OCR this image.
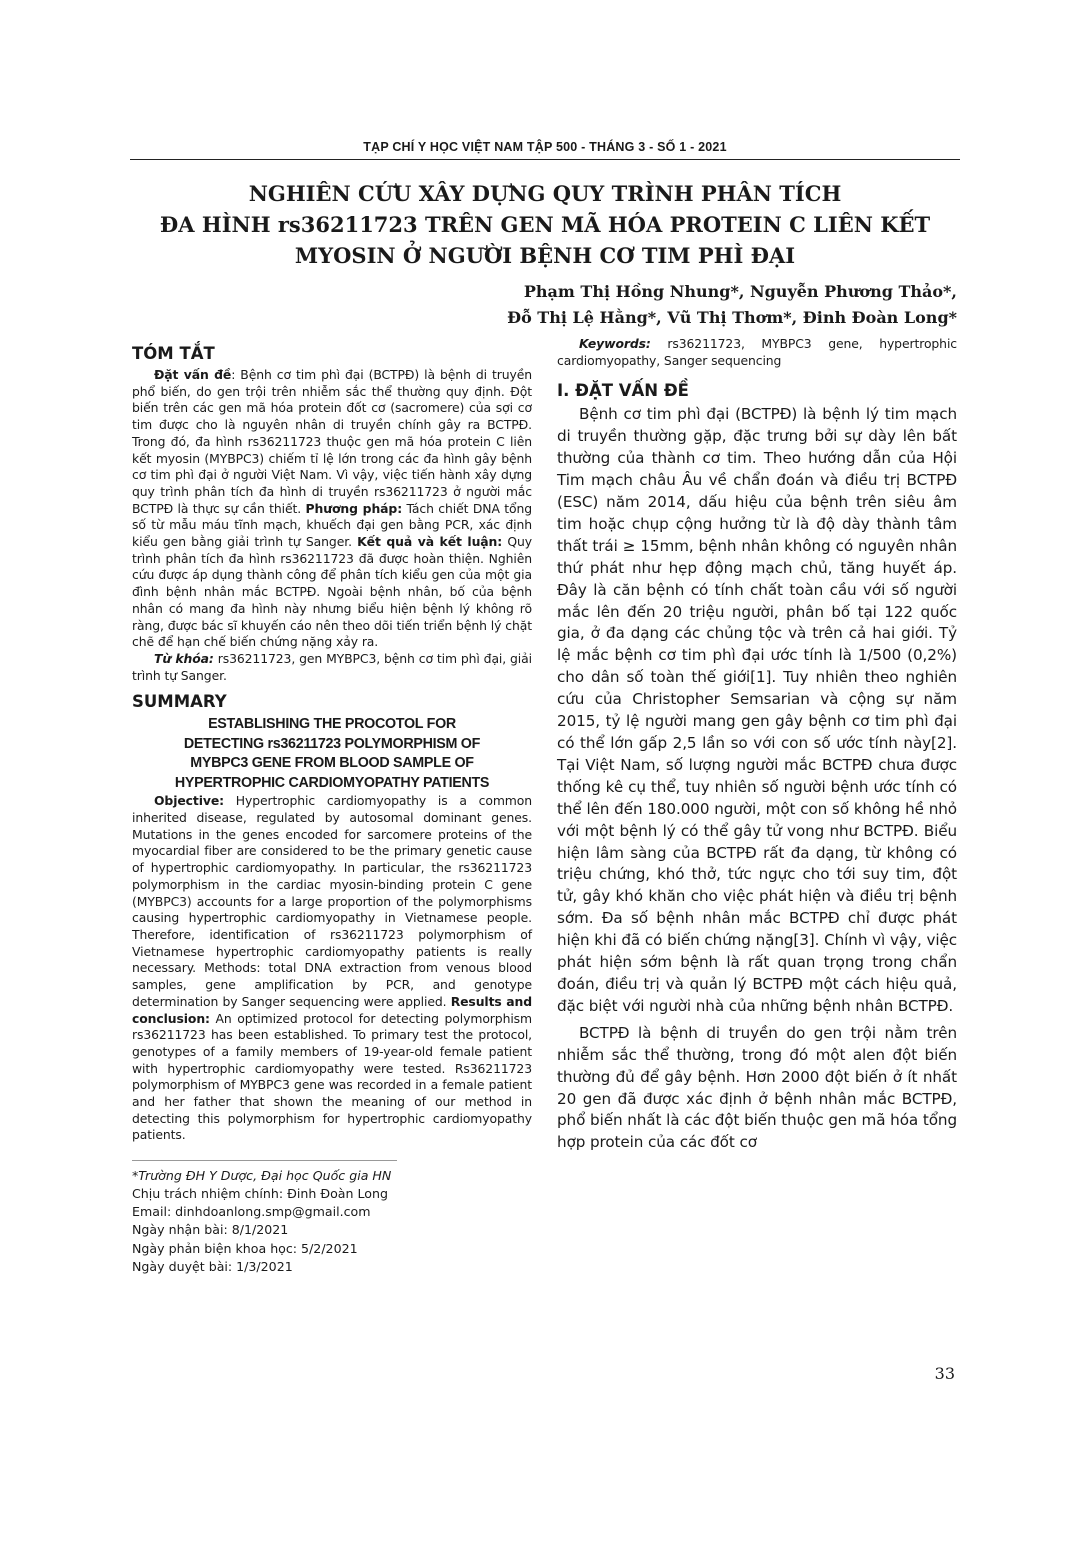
TẠP CHÍ Y HỌC VIỆT NAM TẬP 500 - THÁNG 3 - SỐ 1 - 2021
NGHIÊN CỨU XÂY DỰNG QUY TRÌNH PHÂN TÍCH
ĐA HÌNH rs36211723 TRÊN GEN MÃ HÓA PROTEIN C LIÊN KẾT
MYOSIN Ở NGƯỜI BỆNH CƠ TIM PHÌ ĐẠI
Phạm Thị Hồng Nhung*, Nguyễn Phương Thảo*,
Đỗ Thị Lệ Hằng*, Vũ Thị Thơm*, Đinh Đoàn Long*
TÓM TẮT

Đặt vấn đề: Bệnh cơ tim phì đại (BCTPĐ) là bệnh di truyền phổ biến, do gen trội trên nhiễm sắc thể thường quy định. Đột biến trên các gen mã hóa protein đốt cơ (sacromere) của sợi cơ tim được cho là nguyên nhân di truyền chính gây ra BCTPĐ. Trong đó, đa hình rs36211723 thuộc gen mã hóa protein C liên kết myosin (MYBPC3) chiếm tỉ lệ lớn trong các đa hình gây bệnh cơ tim phì đại ở người Việt Nam. Vì vậy, việc tiến hành xây dựng quy trình phân tích đa hình di truyền rs36211723 ở người mắc BCTPĐ là thực sự cần thiết. Phương pháp: Tách chiết DNA tổng số từ mẫu máu tĩnh mạch, khuếch đại gen bằng PCR, xác định kiểu gen bằng giải trình tự Sanger. Kết quả và kết luận: Quy trình phân tích đa hình rs36211723 đã được hoàn thiện. Nghiên cứu được áp dụng thành công để phân tích kiểu gen của một gia đình bệnh nhân mắc BCTPĐ. Ngoài bệnh nhân, bố của bệnh nhân có mang đa hình này nhưng biểu hiện bệnh lý không rõ ràng, được bác sĩ khuyến cáo nên theo dõi tiến triển bệnh lý chặt chẽ để hạn chế biến chứng nặng xảy ra.

Từ khóa: rs36211723, gen MYBPC3, bệnh cơ tim phì đại, giải trình tự Sanger.

SUMMARY
ESTABLISHING THE PROCOTOL FOR
DETECTING rs36211723 POLYMORPHISM OF
MYBPC3 GENE FROM BLOOD SAMPLE OF
HYPERTROPHIC CARDIOMYOPATHY PATIENTS

Objective: Hypertrophic cardiomyopathy is a common inherited disease, regulated by autosomal dominant genes. Mutations in the genes encoded for sarcomere proteins of the myocardial fiber are considered to be the primary genetic cause of hypertrophic cardiomyopathy. In particular, the rs36211723 polymorphism in the cardiac myosin-binding protein C gene (MYBPC3) accounts for a large proportion of the polymorphisms causing hypertrophic cardiomyopathy in Vietnamese people. Therefore, identification of rs36211723 polymorphism of Vietnamese hypertrophic cardiomyopathy patients is really necessary. Methods: total DNA extraction from venous blood samples, gene amplification by PCR, and genotype determination by Sanger sequencing were applied. Results and conclusion: An optimized protocol for detecting polymorphism rs36211723 has been established. To primary test the protocol, genotypes of a family members of 19-year-old female patient with hypertrophic cardiomyopathy were tested. Rs36211723 polymorphism of MYBPC3 gene was recorded in a female patient and her father that shown the meaning of our method in detecting this polymorphism for hypertrophic cardiomyopathy patients.

*Trường ĐH Y Dược, Đại học Quốc gia HN
Chịu trách nhiệm chính: Đinh Đoàn Long
Email: dinhdoanlong.smp@gmail.com
Ngày nhận bài: 8/1/2021
Ngày phản biện khoa học: 5/2/2021
Ngày duyệt bài: 1/3/2021

Keywords: rs36211723, MYBPC3 gene, hypertrophic cardiomyopathy, Sanger sequencing

I. ĐẶT VẤN ĐỀ

Bệnh cơ tim phì đại (BCTPĐ) là bệnh lý tim mạch di truyền thường gặp, đặc trưng bởi sự dày lên bất thường của thành cơ tim. Theo hướng dẫn của Hội Tim mạch châu Âu về chẩn đoán và điều trị BCTPĐ (ESC) năm 2014, dấu hiệu của bệnh trên siêu âm tim hoặc chụp cộng hưởng từ là độ dày thành tâm thất trái ≥ 15mm, bệnh nhân không có nguyên nhân thứ phát như hẹp động mạch chủ, tăng huyết áp. Đây là căn bệnh có tính chất toàn cầu với số người mắc lên đến 20 triệu người, phân bố tại 122 quốc gia, ở đa dạng các chủng tộc và trên cả hai giới. Tỷ lệ mắc bệnh cơ tim phì đại ước tính là 1/500 (0,2%) cho dân số toàn thế giới[1]. Tuy nhiên theo nghiên cứu của Christopher Semsarian và cộng sự năm 2015, tỷ lệ người mang gen gây bệnh cơ tim phì đại có thể lớn gấp 2,5 lần so với con số ước tính này[2]. Tại Việt Nam, số lượng người mắc BCTPĐ chưa được thống kê cụ thể, tuy nhiên số người bệnh ước tính có thể lên đến 180.000 người, một con số không hề nhỏ với một bệnh lý có thể gây tử vong như BCTPĐ. Biểu hiện lâm sàng của BCTPĐ rất đa dạng, từ không có triệu chứng, khó thở, tức ngực cho tới suy tim, đột tử, gây khó khăn cho việc phát hiện và điều trị bệnh sớm. Đa số bệnh nhân mắc BCTPĐ chỉ được phát hiện khi đã có biến chứng nặng[3]. Chính vì vậy, việc phát hiện sớm bệnh là rất quan trọng trong chẩn đoán, điều trị và quản lý BCTPĐ một cách hiệu quả, đặc biệt với người nhà của những bệnh nhân BCTPĐ.

BCTPĐ là bệnh di truyền do gen trội nằm trên nhiễm sắc thể thường, trong đó một alen đột biến thường đủ để gây bệnh. Hơn 2000 đột biến ở ít nhất 20 gen đã được xác định ở bệnh nhân mắc BCTPĐ, phổ biến nhất là các đột biến thuộc gen mã hóa tổng hợp protein của các đốt cơ

33
